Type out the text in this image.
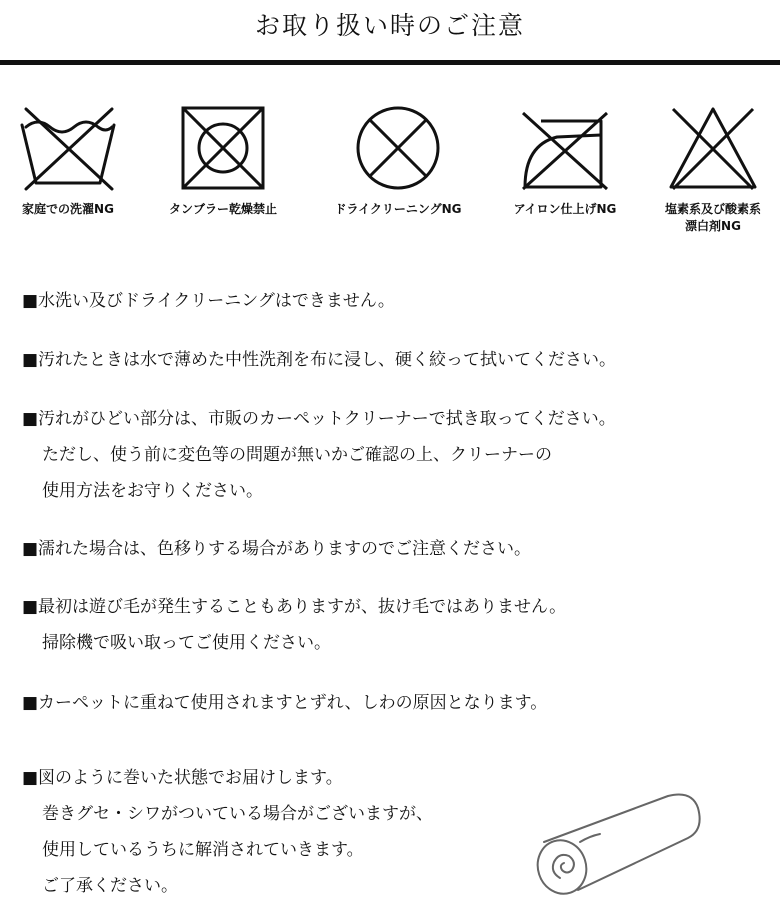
お取り扱い時のご注意
家庭での洗濯NG	タンブラー乾燥禁止	ドライクリーニングNG	アイロン仕上げNG	塩素系及び酸素系
漂白剤NG
■水洗い及びドライクリーニングはできません。
■汚れたときは水で薄めた中性洗剤を布に浸し、硬く絞って拭いてください。
■汚れがひどい部分は、市販のカーペットクリーナーで拭き取ってください。
ただし、使う前に変色等の問題が無いかご確認の上、クリーナーの
使用方法をお守りください。
■濡れた場合は、色移りする場合がありますのでご注意ください。
■最初は遊び毛が発生することもありますが、抜け毛ではありません。
掃除機で吸い取ってご使用ください。
■カーペットに重ねて使用されますとずれ、しわの原因となります。
■図のように巻いた状態でお届けします。
巻きグセ・シワがついている場合がございますが、
使用しているうちに解消されていきます。
ご了承ください。
